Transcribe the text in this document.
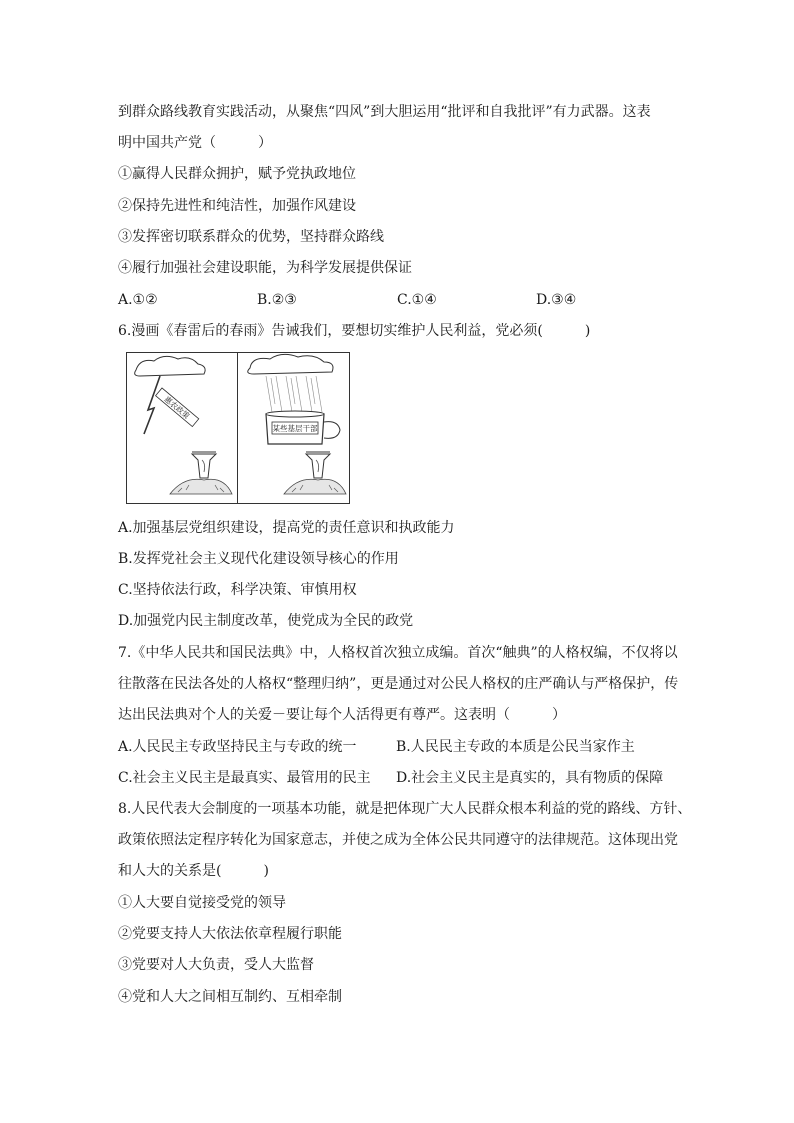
到群众路线教育实践活动，从聚焦“四风”到大胆运用“批评和自我批评”有力武器。这表
明中国共产党（　　　）
①赢得人民群众拥护，赋予党执政地位
②保持先进性和纯洁性，加强作风建设
③发挥密切联系群众的优势，坚持群众路线
④履行加强社会建设职能，为科学发展提供保证
A.①②	B.②③	C.①④	D.③④
6.漫画《春雷后的春雨》告诫我们，要想切实维护人民利益，党必须(　　　)
惠农政策
某些基层干部
A.加强基层党组织建设，提高党的责任意识和执政能力
B.发挥党社会主义现代化建设领导核心的作用
C.坚持依法行政，科学决策、审慎用权
D.加强党内民主制度改革，使党成为全民的政党
7.《中华人民共和国民法典》中，人格权首次独立成编。首次“触典”的人格权编，不仅将以
往散落在民法各处的人格权“整理归纳”，更是通过对公民人格权的庄严确认与严格保护，传
达出民法典对个人的关爱－要让每个人活得更有尊严。这表明（　　　）
A.人民民主专政坚持民主与专政的统一	B.人民民主专政的本质是公民当家作主
C.社会主义民主是最真实、最管用的民主 D.社会主义民主是真实的，具有物质的保障
8.人民代表大会制度的一项基本功能，就是把体现广大人民群众根本利益的党的路线、方针、
政策依照法定程序转化为国家意志，并使之成为全体公民共同遵守的法律规范。这体现出党
和人大的关系是(　　　)
①人大要自觉接受党的领导
②党要支持人大依法依章程履行职能
③党要对人大负责，受人大监督
④党和人大之间相互制约、互相牵制
